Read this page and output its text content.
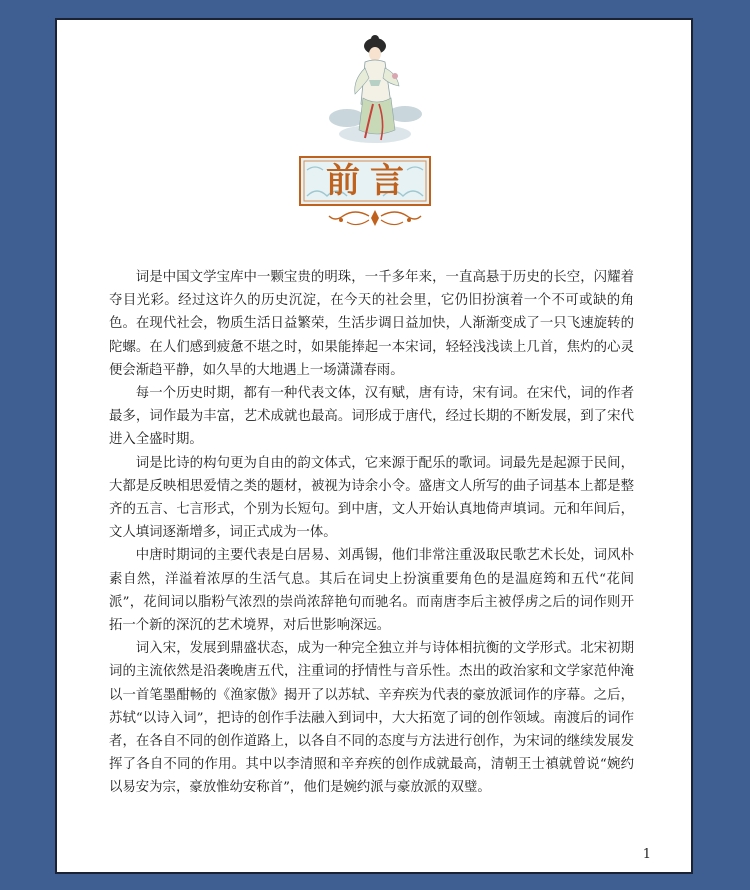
前言

词是中国文学宝库中一颗宝贵的明珠，一千多年来，一直高悬于历史的长空，闪耀着夺目光彩。经过这许久的历史沉淀，在今天的社会里，它仍旧扮演着一个不可或缺的角色。在现代社会，物质生活日益繁荣，生活步调日益加快，人渐渐变成了一只飞速旋转的陀螺。在人们感到疲惫不堪之时，如果能捧起一本宋词，轻轻浅浅读上几首，焦灼的心灵便会渐趋平静，如久旱的大地遇上一场潇潇春雨。

每一个历史时期，都有一种代表文体，汉有赋，唐有诗，宋有词。在宋代，词的作者最多，词作最为丰富，艺术成就也最高。词形成于唐代，经过长期的不断发展，到了宋代进入全盛时期。

词是比诗的构句更为自由的韵文体式，它来源于配乐的歌词。词最先是起源于民间，大都是反映相思爱情之类的题材，被视为诗余小令。盛唐文人所写的曲子词基本上都是整齐的五言、七言形式，个别为长短句。到中唐，文人开始认真地倚声填词。元和年间后，文人填词逐渐增多，词正式成为一体。

中唐时期词的主要代表是白居易、刘禹锡，他们非常注重汲取民歌艺术长处，词风朴素自然，洋溢着浓厚的生活气息。其后在词史上扮演重要角色的是温庭筠和五代“花间派”，花间词以脂粉气浓烈的崇尚浓辞艳句而驰名。而南唐李后主被俘虏之后的词作则开拓一个新的深沉的艺术境界，对后世影响深远。

词入宋，发展到鼎盛状态，成为一种完全独立并与诗体相抗衡的文学形式。北宋初期词的主流依然是沿袭晚唐五代，注重词的抒情性与音乐性。杰出的政治家和文学家范仲淹以一首笔墨酣畅的《渔家傲》揭开了以苏轼、辛弃疾为代表的豪放派词作的序幕。之后，苏轼“以诗入词”，把诗的创作手法融入到词中，大大拓宽了词的创作领域。南渡后的词作者，在各自不同的创作道路上，以各自不同的态度与方法进行创作，为宋词的继续发展发挥了各自不同的作用。其中以李清照和辛弃疾的创作成就最高，清朝王士禛就曾说“婉约以易安为宗，豪放惟幼安称首”，他们是婉约派与豪放派的双璧。

1
